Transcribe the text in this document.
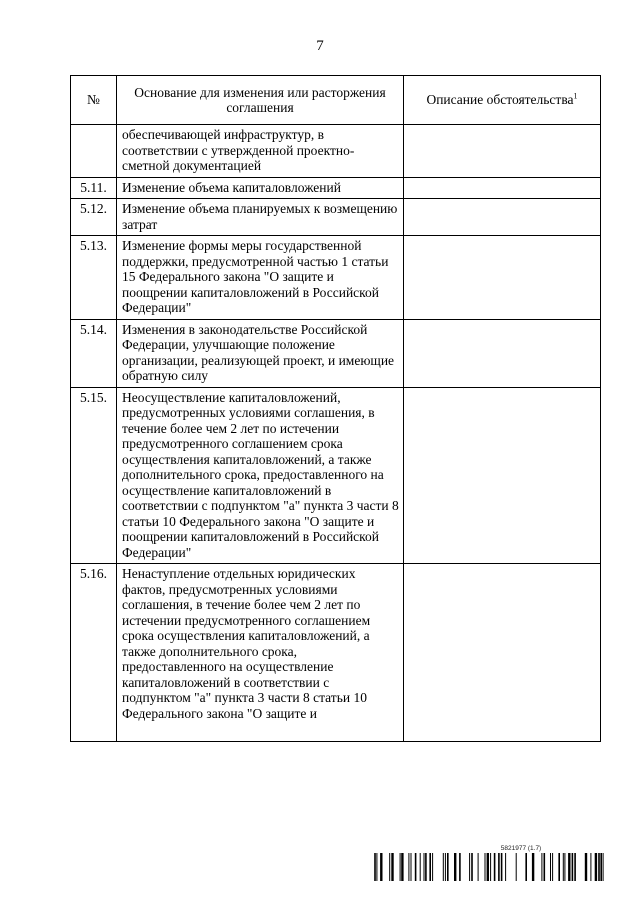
7
№	Основание для изменения или расторжения соглашения	Описание обстоятельства$^1$
	обеспечивающей инфраструктур, в соответствии с утвержденной проектно-сметной документацией	
5.11.	Изменение объема капиталовложений	
5.12.	Изменение объема планируемых к возмещению затрат	
5.13.	Изменение формы меры государственной поддержки, предусмотренной частью 1 статьи 15 Федерального закона "О защите и поощрении капиталовложений в Российской Федерации"	
5.14.	Изменения в законодательстве Российской Федерации, улучшающие положение организации, реализующей проект, и имеющие обратную силу	
5.15.	Неосуществление капиталовложений, предусмотренных условиями соглашения, в течение более чем 2 лет по истечении предусмотренного соглашением срока осуществления капиталовложений, а также дополнительного срока, предоставленного на осуществление капиталовложений в соответствии с подпунктом "а" пункта 3 части 8 статьи 10 Федерального закона "О защите и поощрении капиталовложений в Российской Федерации"	
5.16.	Ненаступление отдельных юридических фактов, предусмотренных условиями соглашения, в течение более чем 2 лет по истечении предусмотренного соглашением срока осуществления капиталовложений, а также дополнительного срока, предоставленного на осуществление капиталовложений в соответствии с подпунктом "а" пункта 3 части 8 статьи 10 Федерального закона "О защите и	
5821977 (1.7)
